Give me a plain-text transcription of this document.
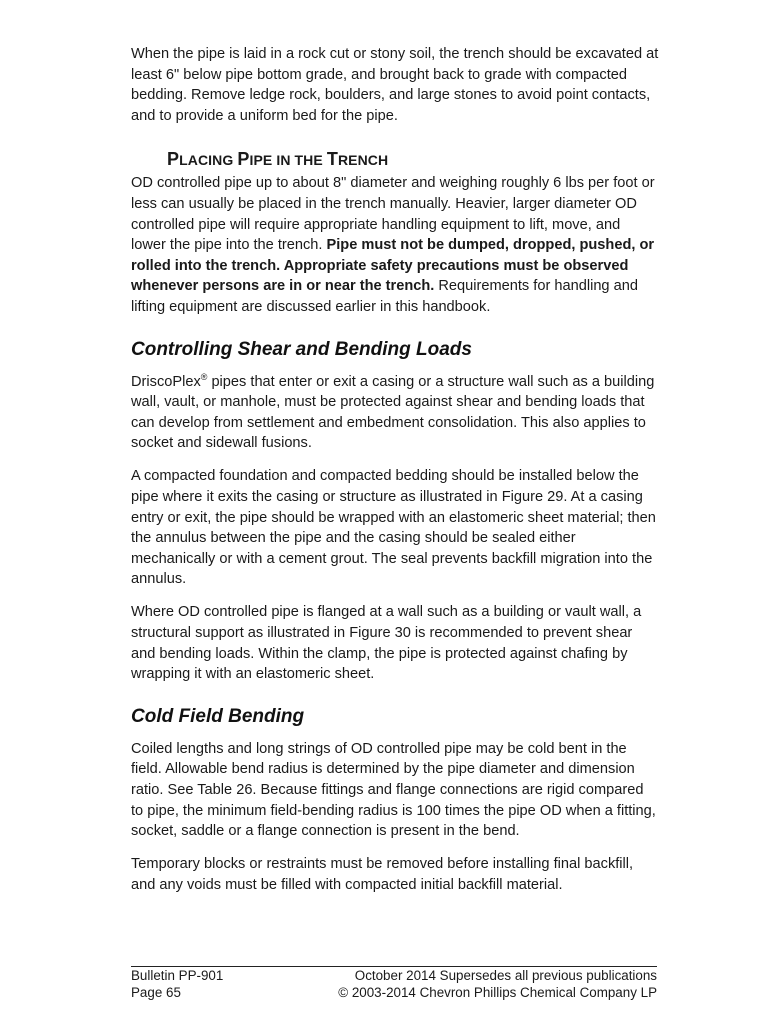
When the pipe is laid in a rock cut or stony soil, the trench should be excavated at least 6" below pipe bottom grade, and brought back to grade with compacted bedding. Remove ledge rock, boulders, and large stones to avoid point contacts, and to provide a uniform bed for the pipe.

PLACING PIPE IN THE TRENCH

OD controlled pipe up to about 8" diameter and weighing roughly 6 lbs per foot or less can usually be placed in the trench manually. Heavier, larger diameter OD controlled pipe will require appropriate handling equipment to lift, move, and lower the pipe into the trench. Pipe must not be dumped, dropped, pushed, or rolled into the trench. Appropriate safety precautions must be observed whenever persons are in or near the trench. Requirements for handling and lifting equipment are discussed earlier in this handbook.

Controlling Shear and Bending Loads

DriscoPlex® pipes that enter or exit a casing or a structure wall such as a building wall, vault, or manhole, must be protected against shear and bending loads that can develop from settlement and embedment consolidation. This also applies to socket and sidewall fusions.

A compacted foundation and compacted bedding should be installed below the pipe where it exits the casing or structure as illustrated in Figure 29. At a casing entry or exit, the pipe should be wrapped with an elastomeric sheet material; then the annulus between the pipe and the casing should be sealed either mechanically or with a cement grout. The seal prevents backfill migration into the annulus.

Where OD controlled pipe is flanged at a wall such as a building or vault wall, a structural support as illustrated in Figure 30 is recommended to prevent shear and bending loads. Within the clamp, the pipe is protected against chafing by wrapping it with an elastomeric sheet.

Cold Field Bending

Coiled lengths and long strings of OD controlled pipe may be cold bent in the field. Allowable bend radius is determined by the pipe diameter and dimension ratio. See Table 26. Because fittings and flange connections are rigid compared to pipe, the minimum field-bending radius is 100 times the pipe OD when a fitting, socket, saddle or a flange connection is present in the bend.

Temporary blocks or restraints must be removed before installing final backfill, and any voids must be filled with compacted initial backfill material.

Bulletin PP-901	October 2014 Supersedes all previous publications
Page 65	© 2003-2014 Chevron Phillips Chemical Company LP
